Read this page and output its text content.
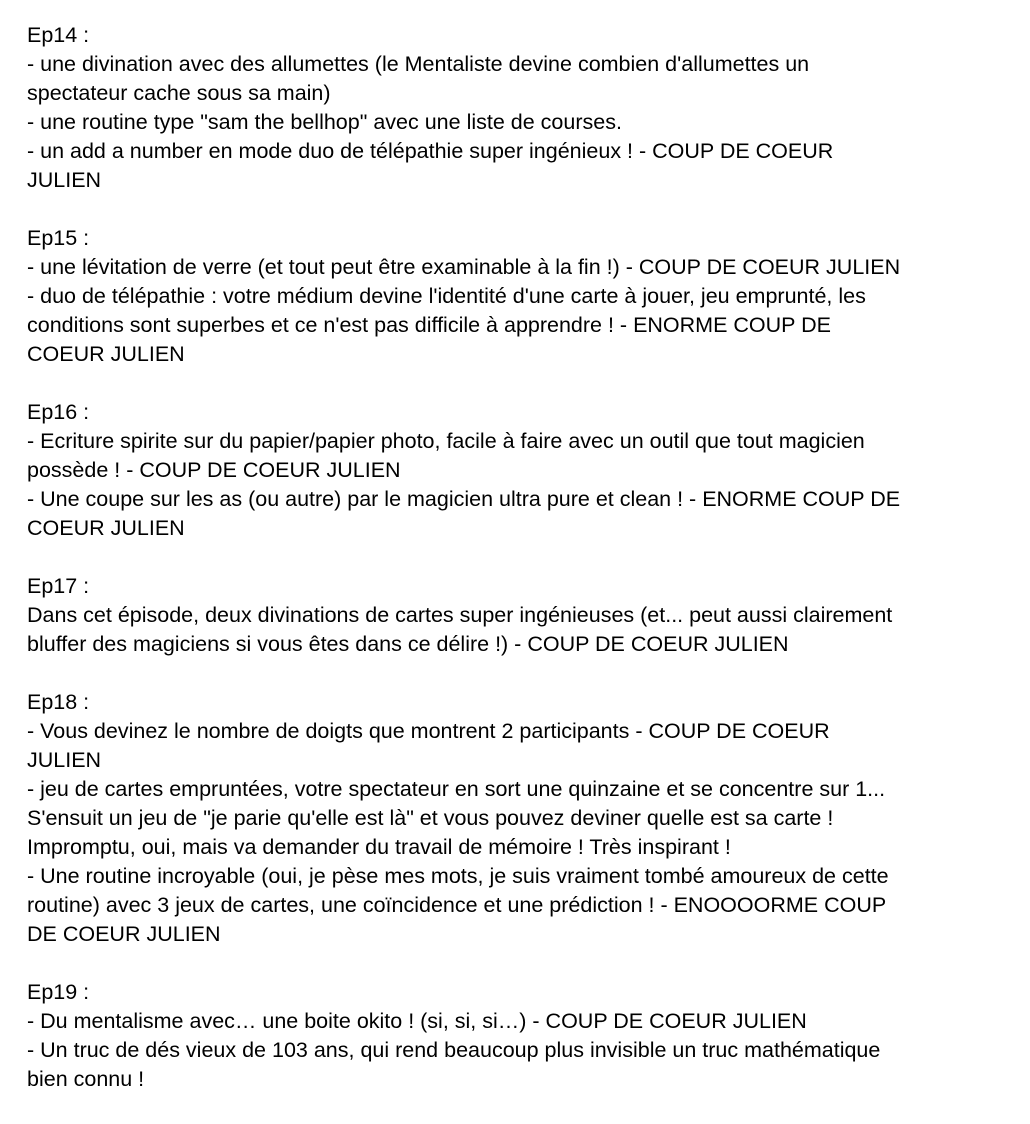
Ep14 :
- une divination avec des allumettes (le Mentaliste devine combien d'allumettes un
spectateur cache sous sa main)
- une routine type "sam the bellhop" avec une liste de courses.
- un add a number en mode duo de télépathie super ingénieux ! - COUP DE COEUR
JULIEN
Ep15 :
- une lévitation de verre (et tout peut être examinable à la fin !) - COUP DE COEUR JULIEN
- duo de télépathie : votre médium devine l'identité d'une carte à jouer, jeu emprunté, les
conditions sont superbes et ce n'est pas difficile à apprendre ! - ENORME COUP DE
COEUR JULIEN
Ep16 :
- Ecriture spirite sur du papier/papier photo, facile à faire avec un outil que tout magicien
possède ! - COUP DE COEUR JULIEN
- Une coupe sur les as (ou autre) par le magicien ultra pure et clean ! - ENORME COUP DE
COEUR JULIEN
Ep17 :
Dans cet épisode, deux divinations de cartes super ingénieuses (et... peut aussi clairement
bluffer des magiciens si vous êtes dans ce délire !) - COUP DE COEUR JULIEN
Ep18 :
- Vous devinez le nombre de doigts que montrent 2 participants - COUP DE COEUR
JULIEN
- jeu de cartes empruntées, votre spectateur en sort une quinzaine et se concentre sur 1...
S'ensuit un jeu de "je parie qu'elle est là" et vous pouvez deviner quelle est sa carte !
Impromptu, oui, mais va demander du travail de mémoire ! Très inspirant !
- Une routine incroyable (oui, je pèse mes mots, je suis vraiment tombé amoureux de cette
routine) avec 3 jeux de cartes, une coïncidence et une prédiction ! - ENOOOORME COUP
DE COEUR JULIEN
Ep19 :
- Du mentalisme avec… une boite okito ! (si, si, si…) - COUP DE COEUR JULIEN
- Un truc de dés vieux de 103 ans, qui rend beaucoup plus invisible un truc mathématique
bien connu !
